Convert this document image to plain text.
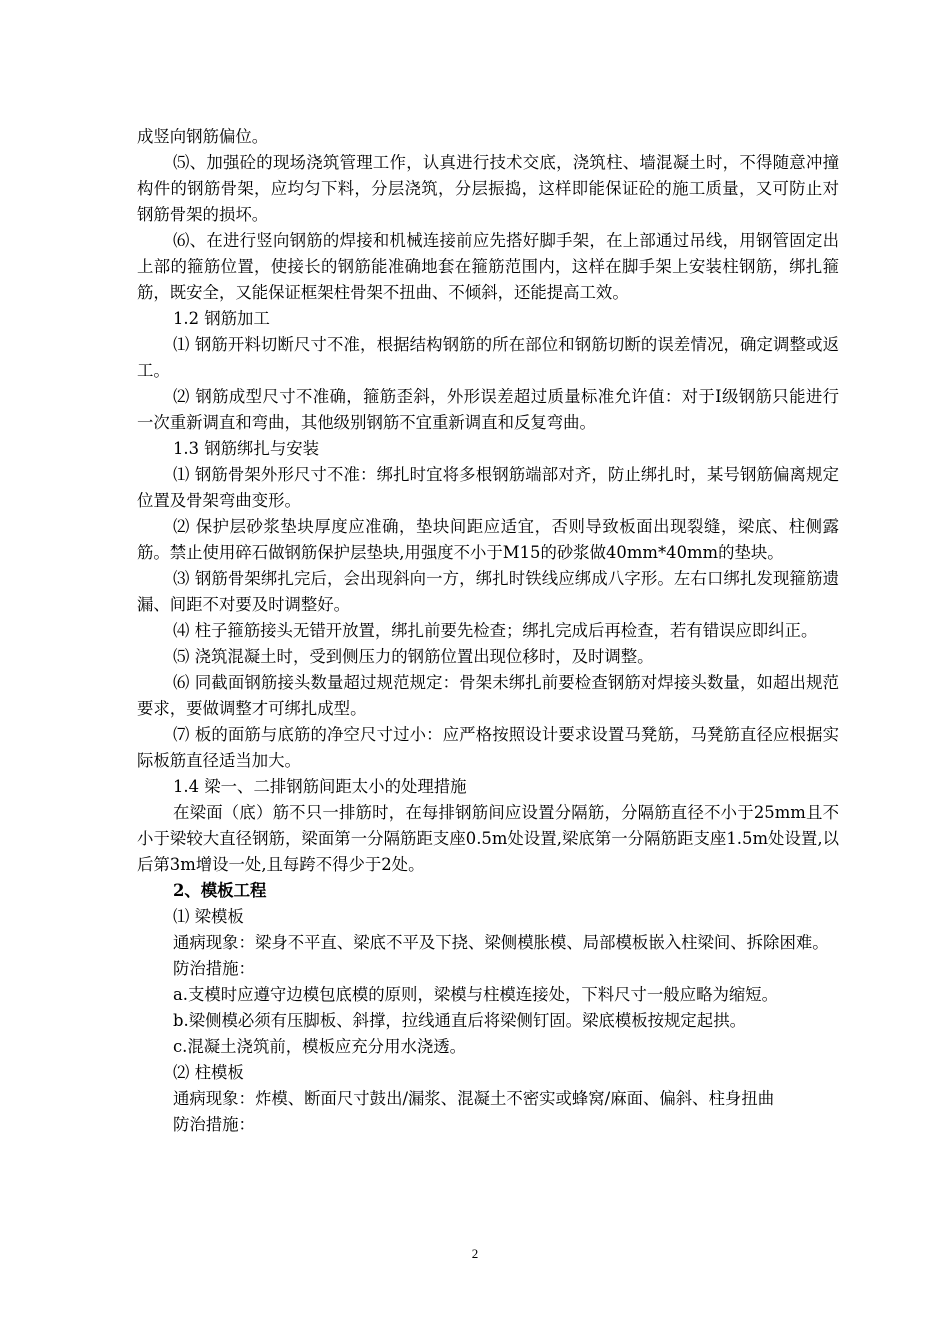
成竖向钢筋偏位。

⑸、加强砼的现场浇筑管理工作，认真进行技术交底，浇筑柱、墙混凝土时，不得随意冲撞构件的钢筋骨架，应均匀下料，分层浇筑，分层振捣，这样即能保证砼的施工质量，又可防止对钢筋骨架的损坏。

⑹、在进行竖向钢筋的焊接和机械连接前应先搭好脚手架，在上部通过吊线，用钢管固定出上部的箍筋位置，使接长的钢筋能准确地套在箍筋范围内，这样在脚手架上安装柱钢筋，绑扎箍筋，既安全，又能保证框架柱骨架不扭曲、不倾斜，还能提高工效。

1.2 钢筋加工

⑴ 钢筋开料切断尺寸不准，根据结构钢筋的所在部位和钢筋切断的误差情况，确定调整或返工。

⑵ 钢筋成型尺寸不准确，箍筋歪斜，外形误差超过质量标准允许值：对于Ⅰ级钢筋只能进行一次重新调直和弯曲，其他级别钢筋不宜重新调直和反复弯曲。

1.3 钢筋绑扎与安装

⑴ 钢筋骨架外形尺寸不准：绑扎时宜将多根钢筋端部对齐，防止绑扎时，某号钢筋偏离规定位置及骨架弯曲变形。

⑵ 保护层砂浆垫块厚度应准确，垫块间距应适宜，否则导致板面出现裂缝，梁底、柱侧露筋。禁止使用碎石做钢筋保护层垫块,用强度不小于M15的砂浆做40mm*40mm的垫块。

⑶ 钢筋骨架绑扎完后，会出现斜向一方，绑扎时铁线应绑成八字形。左右口绑扎发现箍筋遗漏、间距不对要及时调整好。

⑷ 柱子箍筋接头无错开放置，绑扎前要先检查；绑扎完成后再检查，若有错误应即纠正。

⑸ 浇筑混凝土时，受到侧压力的钢筋位置出现位移时，及时调整。

⑹ 同截面钢筋接头数量超过规范规定：骨架未绑扎前要检查钢筋对焊接头数量，如超出规范要求，要做调整才可绑扎成型。

⑺ 板的面筋与底筋的净空尺寸过小：应严格按照设计要求设置马凳筋，马凳筋直径应根据实际板筋直径适当加大。

1.4 梁一、二排钢筋间距太小的处理措施

在梁面（底）筋不只一排筋时，在每排钢筋间应设置分隔筋，分隔筋直径不小于25mm且不小于梁较大直径钢筋，梁面第一分隔筋距支座0.5m处设置,梁底第一分隔筋距支座1.5m处设置,以后第3m增设一处,且每跨不得少于2处。

2、模板工程

⑴ 梁模板

通病现象：梁身不平直、梁底不平及下挠、梁侧模胀模、局部模板嵌入柱梁间、拆除困难。

防治措施：

a.支模时应遵守边模包底模的原则，梁模与柱模连接处，下料尺寸一般应略为缩短。

b.梁侧模必须有压脚板、斜撑，拉线通直后将梁侧钉固。梁底模板按规定起拱。

c.混凝土浇筑前，模板应充分用水浇透。

⑵ 柱模板

通病现象：炸模、断面尺寸鼓出/漏浆、混凝土不密实或蜂窝/麻面、偏斜、柱身扭曲

防治措施：

2
